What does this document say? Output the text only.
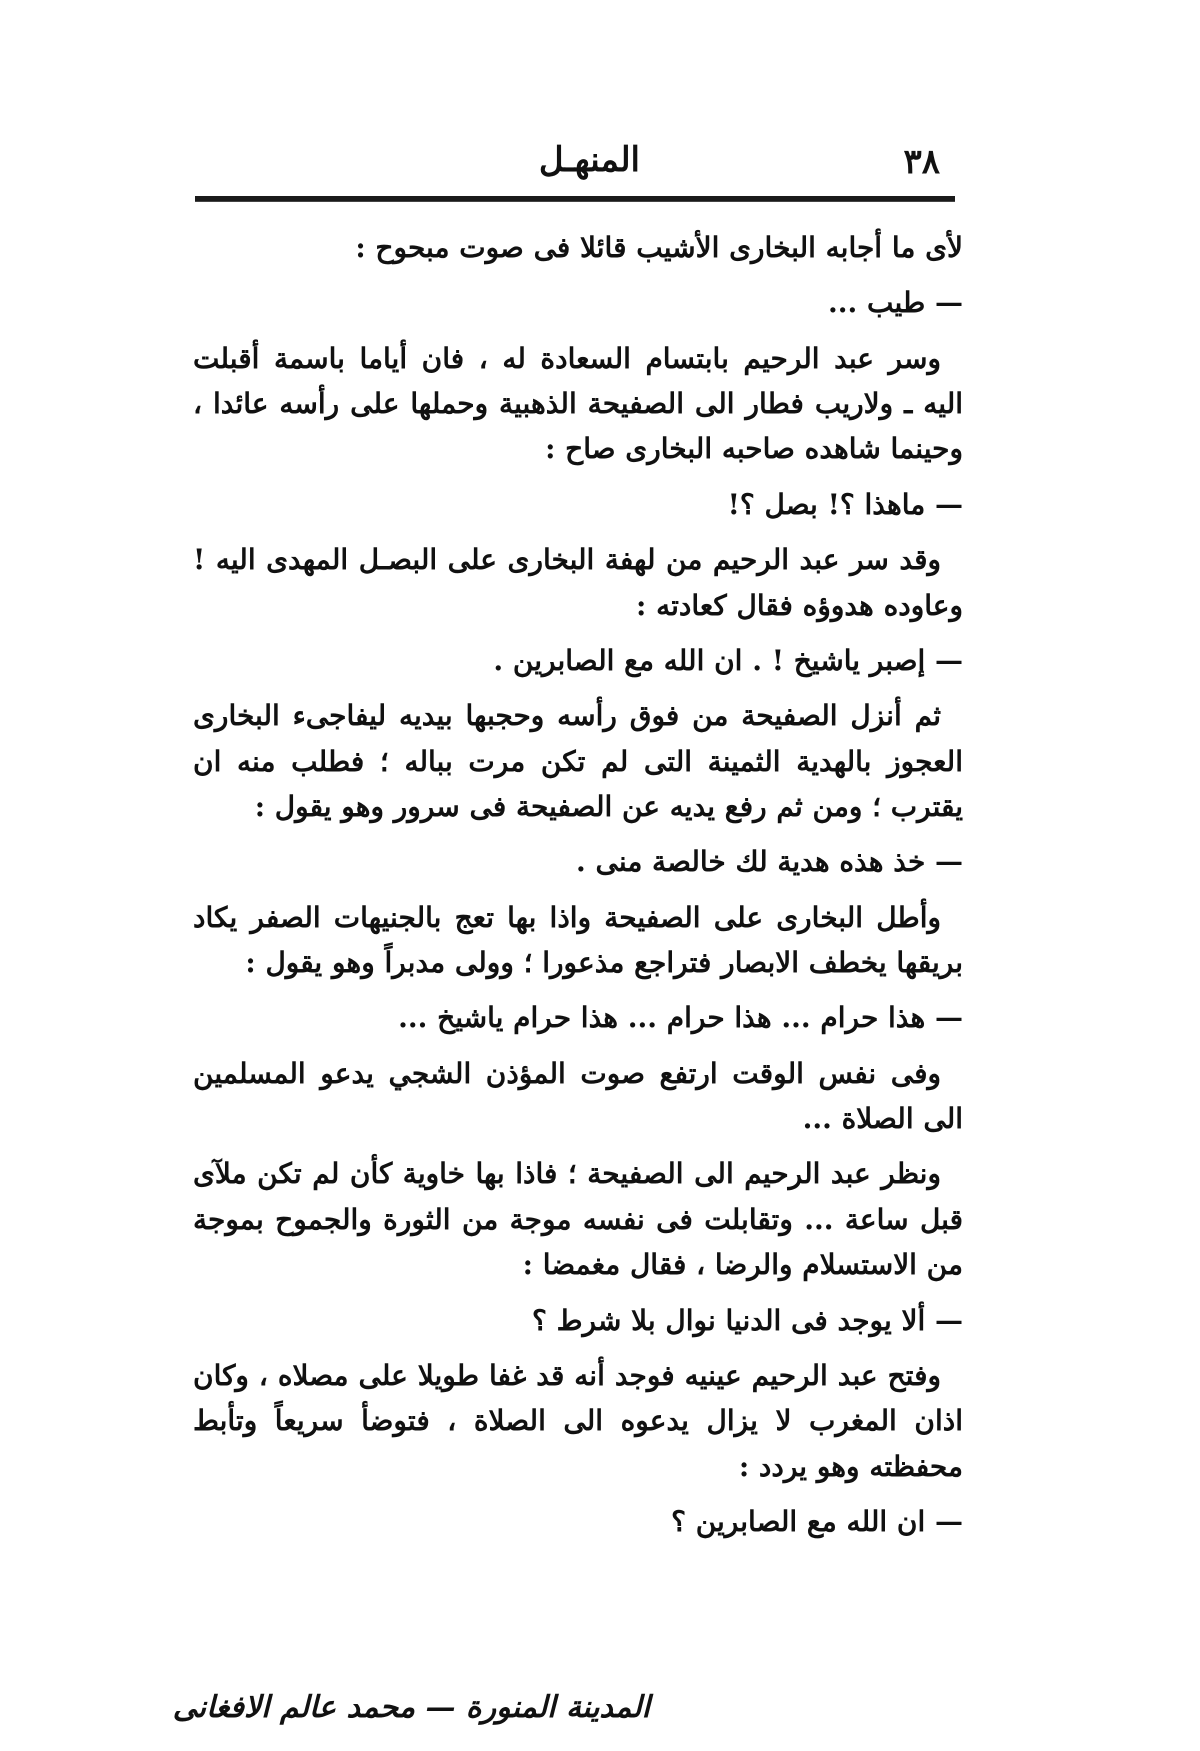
٣٨
المنهـل

لأى ما أجابه البخارى الأشيب قائلا فى صوت مبحوح :

— طيب ...

وسر عبد الرحيم بابتسام السعادة له ، فان أياما باسمة أقبلت اليه ـ ولاريب فطار الى الصفيحة الذهبية وحملها على رأسه عائدا ، وحينما شاهده صاحبه البخارى صاح :

— ماهذا ؟! بصل ؟!

وقد سر عبد الرحيم من لهفة البخارى على البصـل المهدى اليه ! وعاوده هدوؤه فقال كعادته :

— إصبر ياشيخ ! . ان الله مع الصابرين .

ثم أنزل الصفيحة من فوق رأسه وحجبها بيديه ليفاجىء البخارى العجوز بالهدية الثمينة التى لم تكن مرت بباله ؛ فطلب منه ان يقترب ؛ ومن ثم رفع يديه عن الصفيحة فى سرور وهو يقول :

— خذ هذه هدية لك خالصة منى .

وأطل البخارى على الصفيحة واذا بها تعج بالجنيهات الصفر يكاد بريقها يخطف الابصار فتراجع مذعورا ؛ وولى مدبراً وهو يقول :

— هذا حرام ... هذا حرام ... هذا حرام ياشيخ ...

وفى نفس الوقت ارتفع صوت المؤذن الشجي يدعو المسلمين الى الصلاة ...

ونظر عبد الرحيم الى الصفيحة ؛ فاذا بها خاوية كأن لم تكن ملآى قبل ساعة ... وتقابلت فى نفسه موجة من الثورة والجموح بموجة من الاستسلام والرضا ، فقال مغمضا :

— ألا يوجد فى الدنيا نوال بلا شرط ؟

وفتح عبد الرحيم عينيه فوجد أنه قد غفا طويلا على مصلاه ، وكان اذان المغرب لا يزال يدعوه الى الصلاة ، فتوضأ سريعاً وتأبط محفظته وهو يردد :

— ان الله مع الصابرين ؟

المدينة المنورة — محمد عالم الافغانى
